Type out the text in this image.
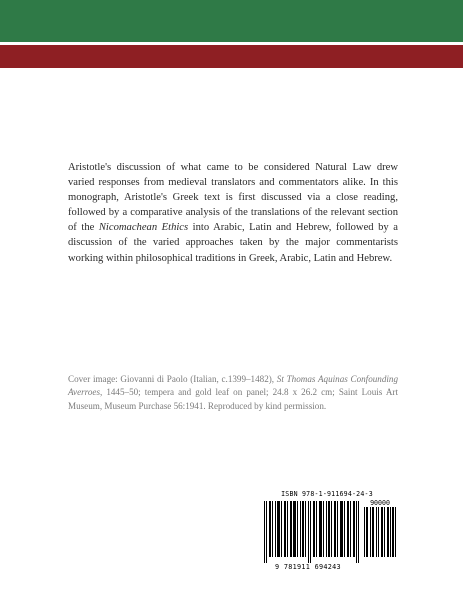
Aristotle's discussion of what came to be considered Natural Law drew varied responses from medieval translators and commentators alike. In this monograph, Aristotle's Greek text is first discussed via a close reading, followed by a comparative analysis of the translations of the relevant section of the Nicomachean Ethics into Arabic, Latin and Hebrew, followed by a discussion of the varied approaches taken by the major commentarists working within philosophical traditions in Greek, Arabic, Latin and Hebrew.

Cover image: Giovanni di Paolo (Italian, c.1399–1482), St Thomas Aquinas Confounding Averroes, 1445–50; tempera and gold leaf on panel; 24.8 x 26.2 cm; Saint Louis Art Museum, Museum Purchase 56:1941. Reproduced by kind permission.

ISBN 978-1-911694-24-3
90000
9 781911 694243
